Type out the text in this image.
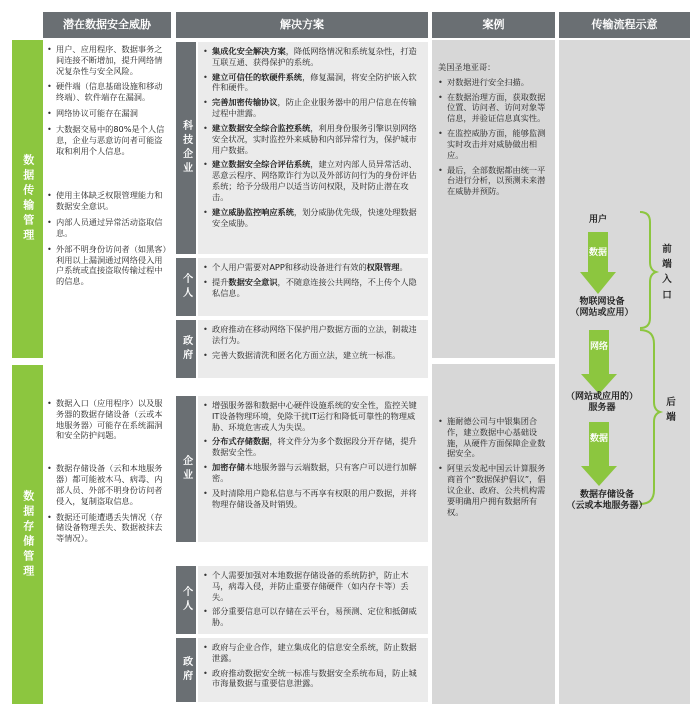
潜在数据安全威胁	解决方案	案例	传输流程示意
数据传输管理
数据存储管理
• 用户、应用程序、数据事务之间连接不断增加，提升网络情况复杂性与安全风险。
• 硬件端（信息基础设施和移动终端）、软件端存在漏洞。
• 网络协议可能存在漏洞
• 大数据交易中的80%是个人信息，企业与恶意访问者可能盗取和利用个人信息。
• 使用主体缺乏权限管理能力和数据安全意识。
• 内部人员通过异常活动盗取信息。
• 外部不明身份访问者（如黑客）利用以上漏洞通过网络侵入用户系统或直接盗取传输过程中的信息。
• 数据入口（应用程序）以及服务器的数据存储设备（云或本地服务器）可能存在系统漏洞和安全防护问题。
• 数据存储设备（云和本地服务器）都可能被木马、病毒、内部人员、外部不明身份访问者侵入，复制盗取信息。
• 数据还可能遭遇丢失情况（存储设备物理丢失、数据被抹去等情况）。
科技企业
• 集成化安全解决方案，降低网络情况和系统复杂性，打造互联互通、获得保护的系统。
• 建立可信任的软硬件系统，修复漏洞，将安全防护嵌入软件和硬件。
• 完善加密传输协议，防止企业服务器中的用户信息在传输过程中泄露。
• 建立数据安全综合监控系统，利用身份服务引擎识别网络安全状况，实时监控外来威胁和内部异常行为，保护城市用户数据。
• 建立数据安全综合评估系统，建立对内部人员异常活动、恶意云程序、网络欺诈行为以及外部访问行为的身份评估系统；给予分级用户以适当访问权限，及时防止潜在攻击。
• 建立威胁监控响应系统，划分威胁优先级，快速处理数据安全威胁。
个人
• 个人用户需要对APP和移动设备进行有效的权限管理。
• 提升数据安全意识，不随意连接公共网络，不上传个人隐私信息。
政府
• 政府推动在移动网络下保护用户数据方面的立法，制裁违法行为。
• 完善大数据清洗和匿名化方面立法，建立统一标准。
企业
• 增强服务器和数据中心硬件设施系统的安全性，监控关键IT设备物理环境，免除干扰IT运行和降低可靠性的物理威胁、环境危害或人为失误。
• 分布式存储数据，将文件分为多个数据段分开存储，提升数据安全性。
• 加密存储本地服务器与云端数据，只有客户可以进行加解密。
• 及时清除用户隐私信息与不再享有权限的用户数据，并将物理存储设备及时销毁。
个人
• 个人需要加强对本地数据存储设备的系统防护，防止木马，病毒入侵，并防止重要存储硬件（如内存卡等）丢失。
• 部分重要信息可以存储在云平台，易预测、定位和抵御威胁。
政府
• 政府与企业合作，建立集成化的信息安全系统，防止数据泄露。
• 政府推动数据安全统一标准与数据安全系统布局，防止城市海量数据与重要信息泄露。
美国圣地亚哥：
• 对数据进行安全扫描。
• 在数据治理方面，获取数据位置、访问者、访问对象等信息，并验证信息真实性。
• 在监控威胁方面，能够监测实时攻击并对威胁做出相应。
• 最后，全部数据都由统一平台进行分析，以预测未来潜在威胁并预防。
• 施耐德公司与中银集团合作，建立数据中心基础设施，从硬件方面保障企业数据安全。
• 阿里云发起中国云计算服务商首个“数据保护倡议”，倡议企业、政府、公共机构需要明确用户拥有数据所有权。
用户
数据
物联网设备
（网站或应用）
网络
（网站或应用的）
服务器
数据
数据存储设备
（云或本地服务器）
前端入口
后端
